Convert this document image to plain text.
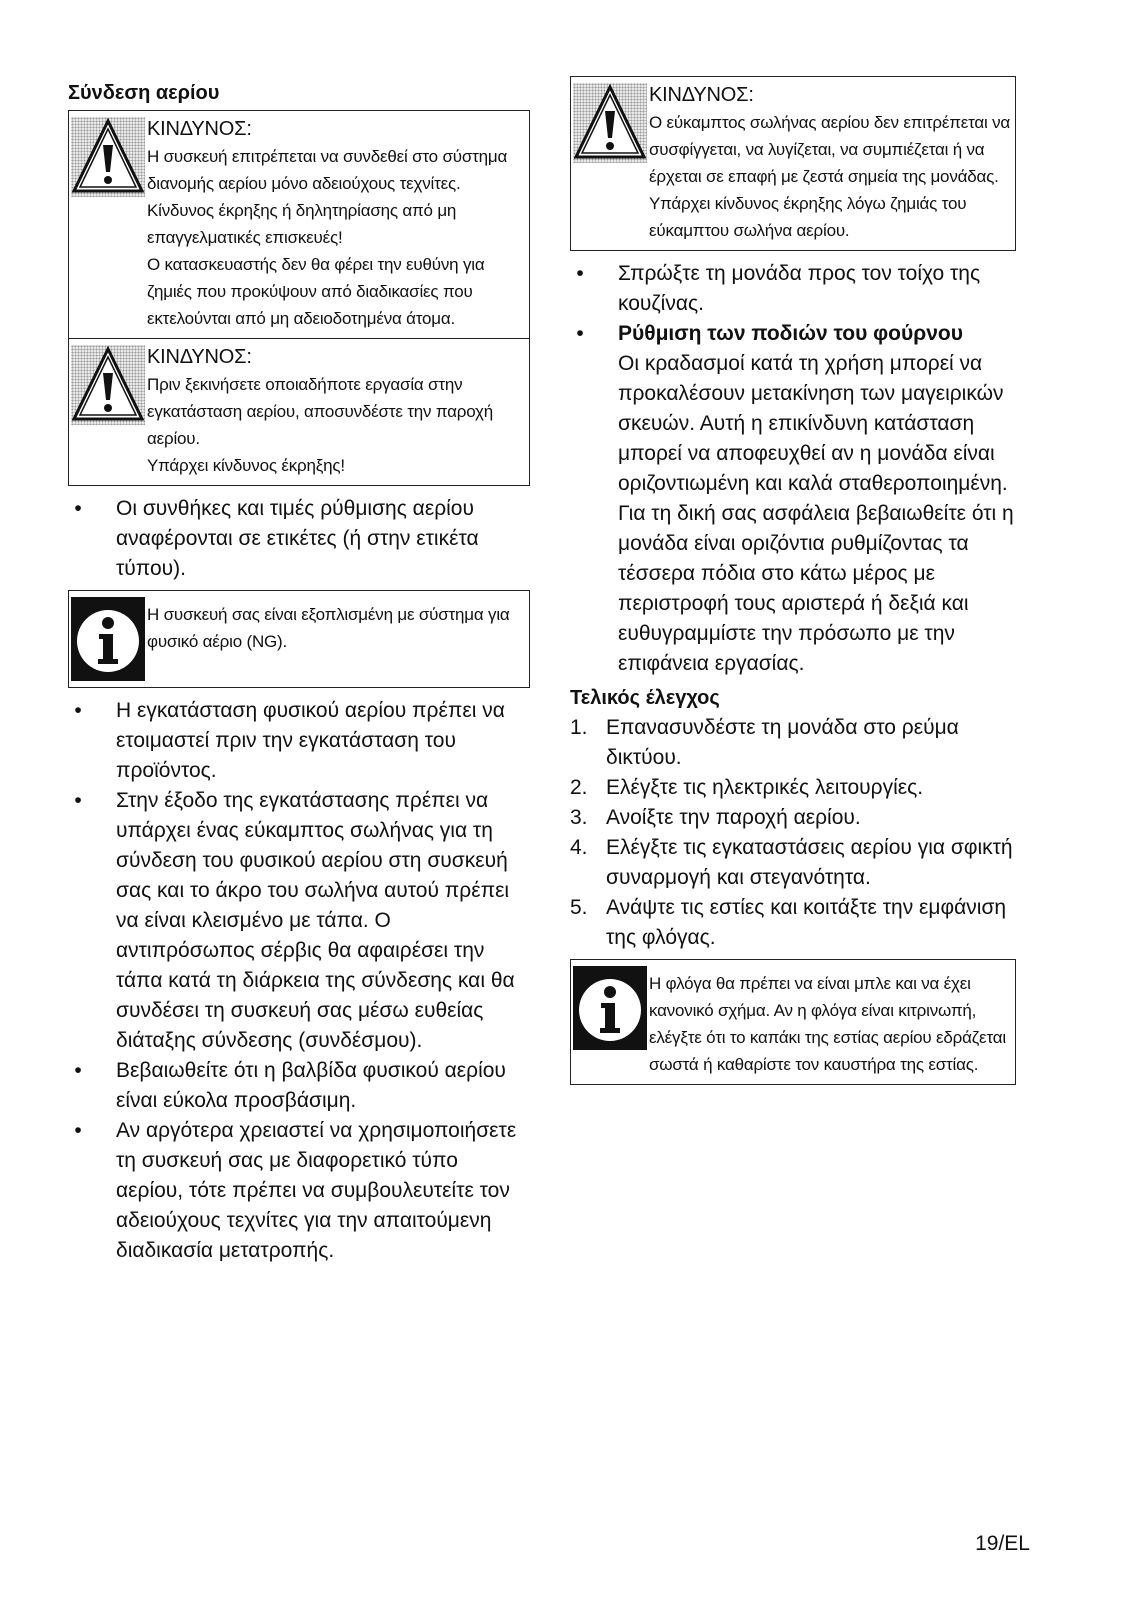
Σύνδεση αερίου
ΚΙΝΔΥΝΟΣ:

Η συσκευή επιτρέπεται να συνδεθεί στο σύστημα διανομής αερίου μόνο αδειούχους τεχνίτες.

Κίνδυνος έκρηξης ή δηλητηρίασης από μη επαγγελματικές επισκευές!

Ο κατασκευαστής δεν θα φέρει την ευθύνη για ζημιές που προκύψουν από διαδικασίες που εκτελούνται από μη αδειοδοτημένα άτομα.

ΚΙΝΔΥΝΟΣ:

Πριν ξεκινήσετε οποιαδήποτε εργασία στην εγκατάσταση αερίου, αποσυνδέστε την παροχή αερίου.

Υπάρχει κίνδυνος έκρηξης!

•	Οι συνθήκες και τιμές ρύθμισης αερίου αναφέρονται σε ετικέτες (ή στην ετικέτα τύπου).

Η συσκευή σας είναι εξοπλισμένη με σύστημα για φυσικό αέριο (NG).

•	Η εγκατάσταση φυσικού αερίου πρέπει να ετοιμαστεί πριν την εγκατάσταση του προϊόντος.

•	Στην έξοδο της εγκατάστασης πρέπει να υπάρχει ένας εύκαμπτος σωλήνας για τη σύνδεση του φυσικού αερίου στη συσκευή σας και το άκρο του σωλήνα αυτού πρέπει να είναι κλεισμένο με τάπα. Ο αντιπρόσωπος σέρβις θα αφαιρέσει την τάπα κατά τη διάρκεια της σύνδεσης και θα συνδέσει τη συσκευή σας μέσω ευθείας διάταξης σύνδεσης (συνδέσμου).

•	Βεβαιωθείτε ότι η βαλβίδα φυσικού αερίου είναι εύκολα προσβάσιμη.

•	Αν αργότερα χρειαστεί να χρησιμοποιήσετε τη συσκευή σας με διαφορετικό τύπο αερίου, τότε πρέπει να συμβουλευτείτε τον αδειούχους τεχνίτες για την απαιτούμενη διαδικασία μετατροπής.

ΚΙΝΔΥΝΟΣ:

Ο εύκαμπτος σωλήνας αερίου δεν επιτρέπεται να συσφίγγεται, να λυγίζεται, να συμπιέζεται ή να έρχεται σε επαφή με ζεστά σημεία της μονάδας.

Υπάρχει κίνδυνος έκρηξης λόγω ζημιάς του εύκαμπτου σωλήνα αερίου.

•	Σπρώξτε τη μονάδα προς τον τοίχο της κουζίνας.

•	Ρύθμιση των ποδιών του φούρνου

Οι κραδασμοί κατά τη χρήση μπορεί να προκαλέσουν μετακίνηση των μαγειρικών σκευών. Αυτή η επικίνδυνη κατάσταση μπορεί να αποφευχθεί αν η μονάδα είναι οριζοντιωμένη και καλά σταθεροποιημένη. Για τη δική σας ασφάλεια βεβαιωθείτε ότι η μονάδα είναι οριζόντια ρυθμίζοντας τα τέσσερα πόδια στο κάτω μέρος με περιστροφή τους αριστερά ή δεξιά και ευθυγραμμίστε την πρόσωπο με την επιφάνεια εργασίας.

Τελικός έλεγχος
1. Επανασυνδέστε τη μονάδα στο ρεύμα δικτύου.
2. Ελέγξτε τις ηλεκτρικές λειτουργίες.
3. Ανοίξτε την παροχή αερίου.
4. Ελέγξτε τις εγκαταστάσεις αερίου για σφικτή συναρμογή και στεγανότητα.
5. Ανάψτε τις εστίες και κοιτάξτε την εμφάνιση της φλόγας.

Η φλόγα θα πρέπει να είναι μπλε και να έχει κανονικό σχήμα. Αν η φλόγα είναι κιτρινωπή, ελέγξτε ότι το καπάκι της εστίας αερίου εδράζεται σωστά ή καθαρίστε τον καυστήρα της εστίας.

19/EL
